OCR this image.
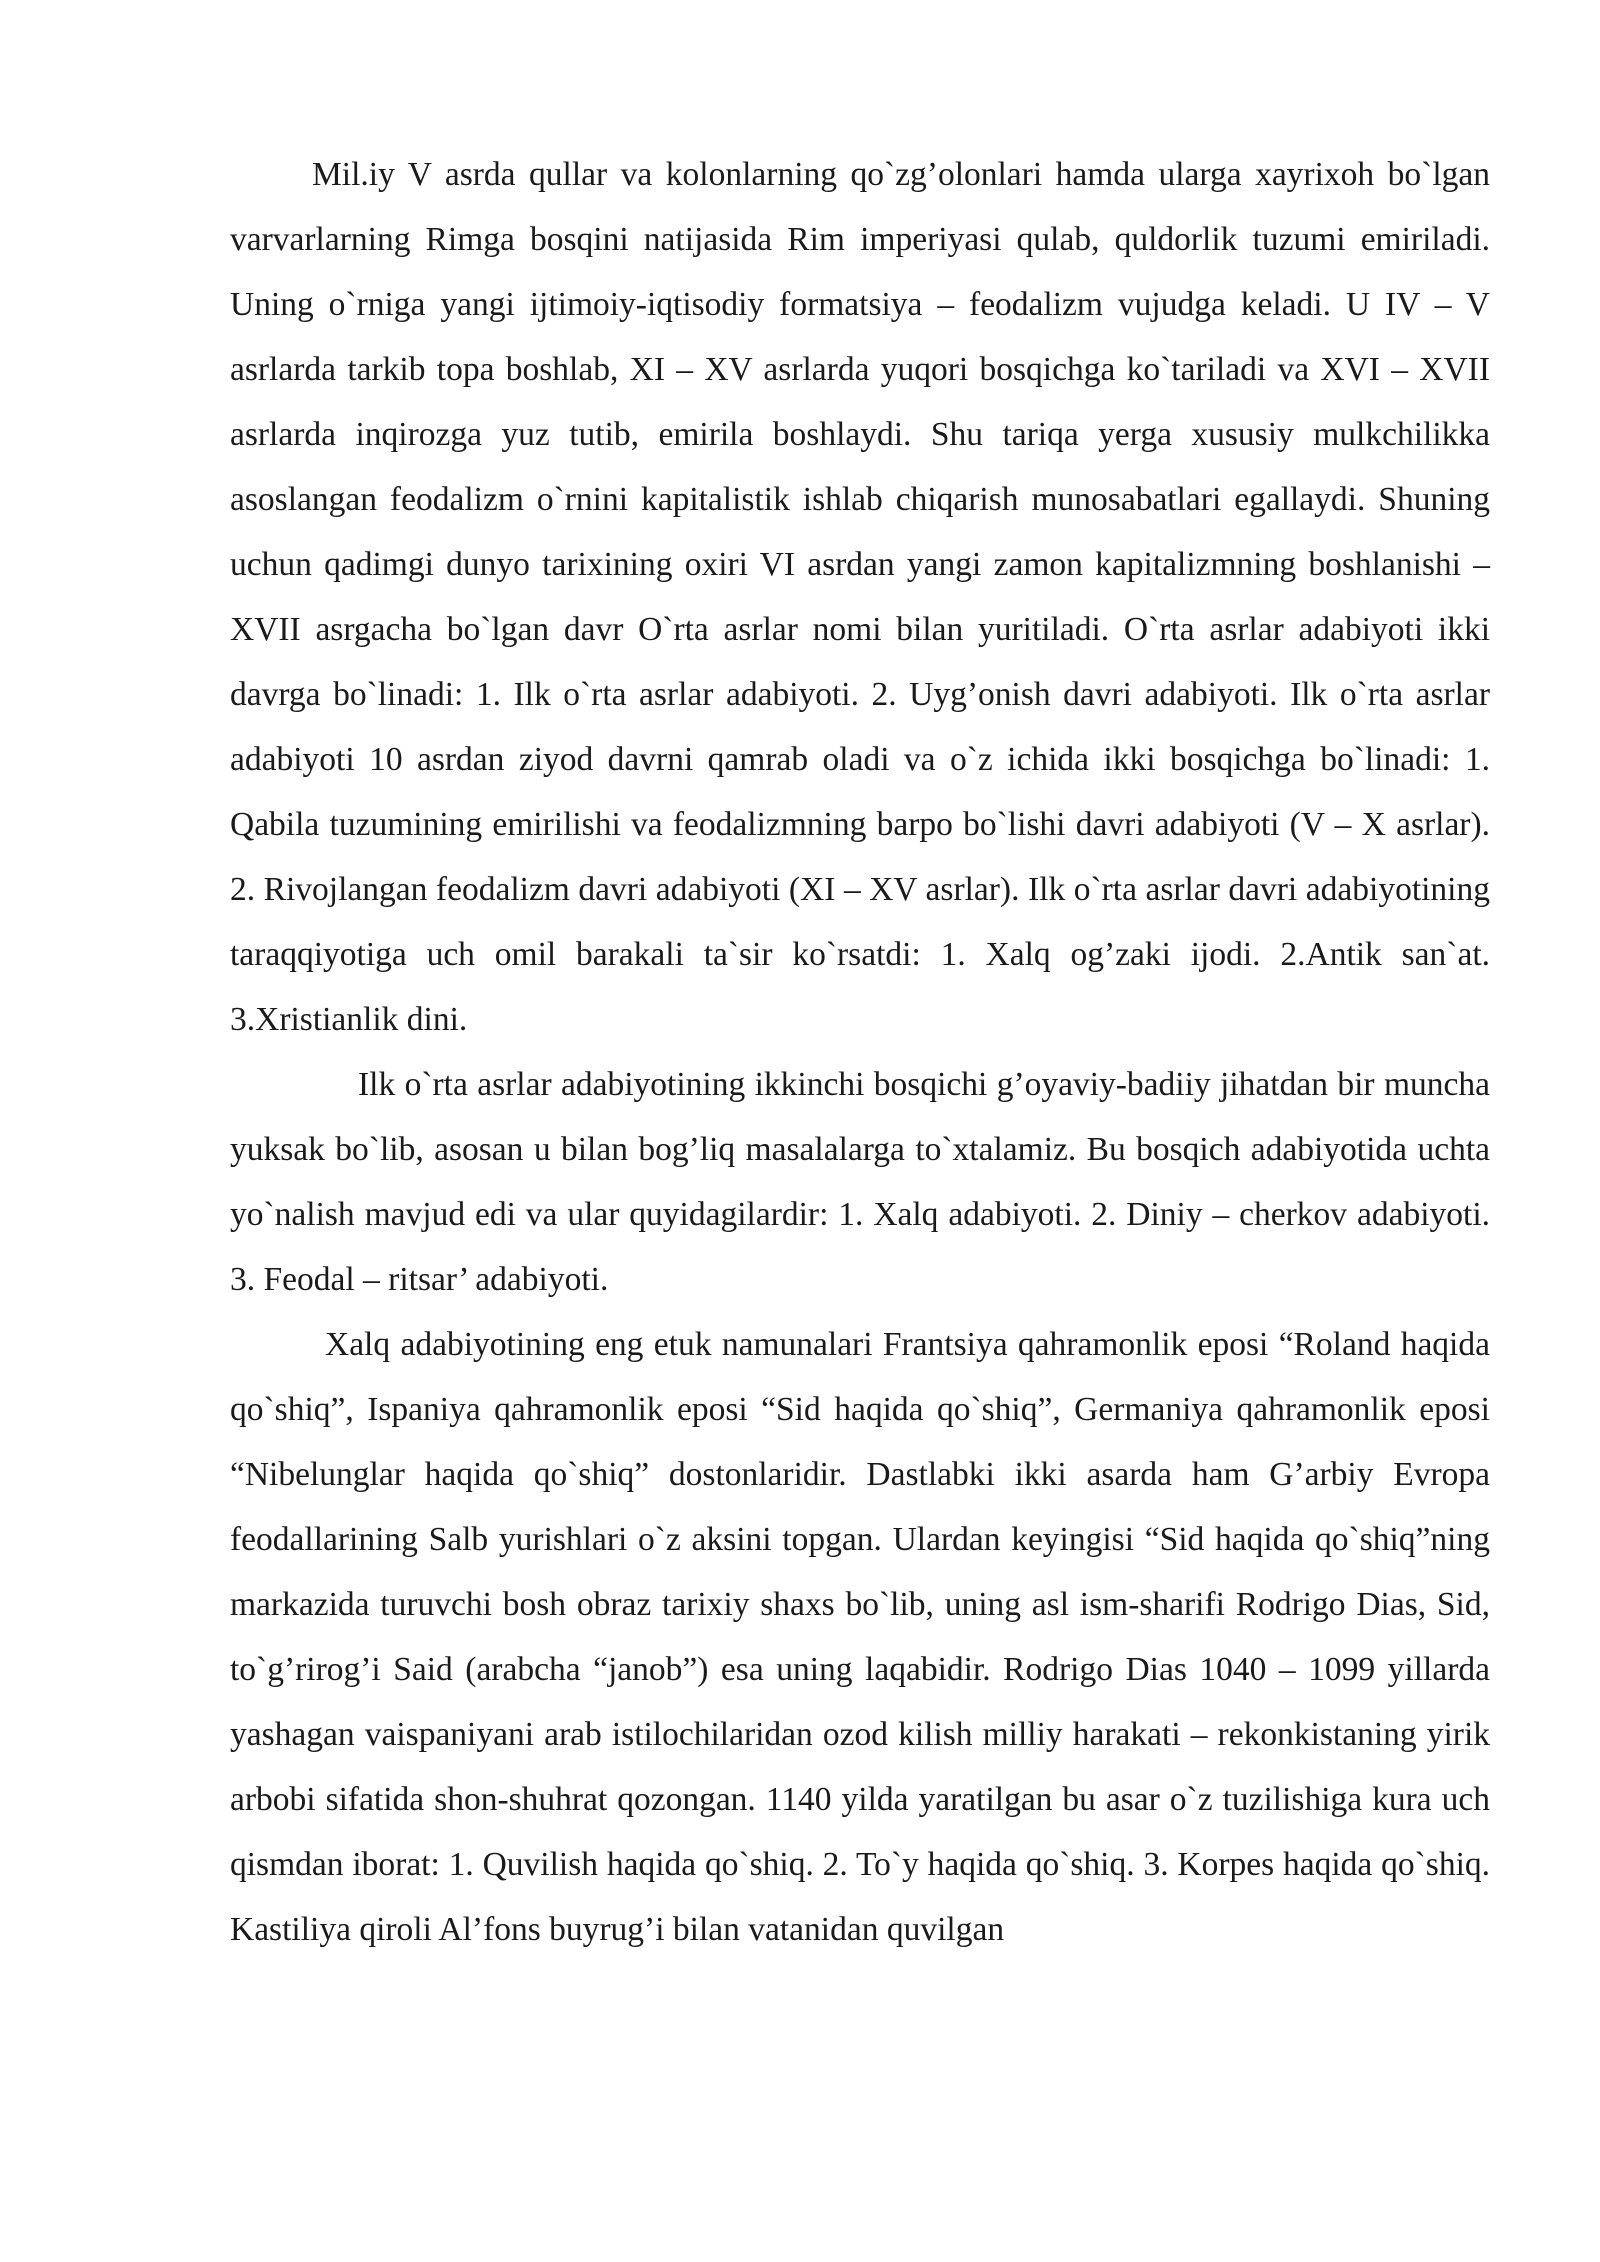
Mil.iy V asrda qullar va kolonlarning qo`zg’olonlari hamda ularga xayrixoh bo`lgan varvarlarning Rimga bosqini natijasida Rim imperiyasi qulab, quldorlik tuzumi emiriladi. Uning o`rniga yangi ijtimoiy-iqtisodiy formatsiya – feodalizm vujudga keladi. U IV – V asrlarda tarkib topa boshlab, XI – XV asrlarda yuqori bosqichga ko`tariladi va XVI – XVII asrlarda inqirozga yuz tutib, emirila boshlaydi. Shu tariqa yerga xususiy mulkchilikka asoslangan feodalizm o`rnini kapitalistik ishlab chiqarish munosabatlari egallaydi. Shuning uchun qadimgi dunyo tarixining oxiri VI asrdan yangi zamon kapitalizmning boshlanishi – XVII asrgacha bo`lgan davr O`rta asrlar nomi bilan yuritiladi. O`rta asrlar adabiyoti ikki davrga bo`linadi: 1. Ilk o`rta asrlar adabiyoti. 2. Uyg’onish davri adabiyoti. Ilk o`rta asrlar adabiyoti 10 asrdan ziyod davrni qamrab oladi va o`z ichida ikki bosqichga bo`linadi: 1. Qabila tuzumining emirilishi va feodalizmning barpo bo`lishi davri adabiyoti (V – X asrlar). 2. Rivojlangan feodalizm davri adabiyoti (XI – XV asrlar). Ilk o`rta asrlar davri adabiyotining taraqqiyotiga uch omil barakali ta`sir ko`rsatdi: 1. Xalq og’zaki ijodi. 2.Antik san`at. 3.Xristianlik dini.

Ilk o`rta asrlar adabiyotining ikkinchi bosqichi g’oyaviy-badiiy jihatdan bir muncha yuksak bo`lib, asosan u bilan bog’liq masalalarga to`xtalamiz. Bu bosqich adabiyotida uchta yo`nalish mavjud edi va ular quyidagilardir: 1. Xalq adabiyoti. 2. Diniy – cherkov adabiyoti. 3. Feodal – ritsar’ adabiyoti.

Xalq adabiyotining eng etuk namunalari Frantsiya qahramonlik eposi “Roland haqida qo`shiq”, Ispaniya qahramonlik eposi “Sid haqida qo`shiq”, Germaniya qahramonlik eposi “Nibelunglar haqida qo`shiq” dostonlaridir. Dastlabki ikki asarda ham G’arbiy Evropa feodallarining Salb yurishlari o`z aksini topgan. Ulardan keyingisi “Sid haqida qo`shiq”ning markazida turuvchi bosh obraz tarixiy shaxs bo`lib, uning asl ism-sharifi Rodrigo Dias, Sid, to`g’rirog’i Said (arabcha “janob”) esa uning laqabidir. Rodrigo Dias 1040 – 1099 yillarda yashagan vaispaniyani arab istilochilaridan ozod kilish milliy harakati – rekonkistaning yirik arbobi sifatida shon-shuhrat qozongan. 1140 yilda yaratilgan bu asar o`z tuzilishiga kura uch qismdan iborat: 1. Quvilish haqida qo`shiq. 2. To`y haqida qo`shiq. 3. Korpes haqida qo`shiq. Kastiliya qiroli Al’fons buyrug’i bilan vatanidan quvilgan
